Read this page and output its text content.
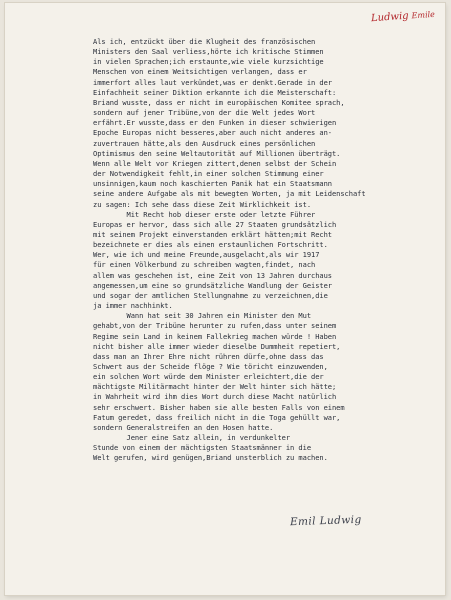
Ludwig Emile
Als ich, entzückt über die Klugheit des französischen
Ministers den Saal verliess,hörte ich kritische Stimmen
in vielen Sprachen;ich erstaunte,wie viele kurzsichtige
Menschen von einem Weitsichtigen verlangen, dass er
immerfort alles laut verkündet,was er denkt.Gerade in der
Einfachheit seiner Diktion erkannte ich die Meisterschaft:
Briand wusste, dass er nicht im europäischen Komitee sprach,
sondern auf jener Tribüne,von der die Welt jedes Wort
erfährt.Er wusste,dass er den Funken in dieser schwierigen
Epoche Europas nicht besseres,aber auch nicht anderes an-
zuvertrauen hätte,als den Ausdruck eines persönlichen
Optimismus den seine Weltautorität auf Millionen überträgt.
Wenn alle Welt vor Kriegen zittert,denen selbst der Schein
der Notwendigkeit fehlt,in einer solchen Stimmung einer
unsinnigen,kaum noch kaschierten Panik hat ein Staatsmann
seine andere Aufgabe als mit bewegten Worten, ja mit Leidenschaft
zu sagen: Ich sehe dass diese Zeit Wirklichkeit ist.
Mit Recht hob dieser erste oder letzte Führer
Europas er hervor, dass sich alle 27 Staaten grundsätzlich
mit seinem Projekt einverstanden erklärt hätten;mit Recht
bezeichnete er dies als einen erstaunlichen Fortschritt.
Wer, wie ich und meine Freunde,ausgelacht,als wir 1917
für einen Völkerbund zu schreiben wagten,findet, nach
allem was geschehen ist, eine Zeit von 13 Jahren durchaus
angemessen,um eine so grundsätzliche Wandlung der Geister
und sogar der amtlichen Stellungnahme zu verzeichnen,die
ja immer nachhinkt.
Wann hat seit 30 Jahren ein Minister den Mut
gehabt,von der Tribüne herunter zu rufen,dass unter seinem
Regime sein Land in keinem Fallekrieg machen würde ! Haben
nicht bisher alle immer wieder dieselbe Dummheit repetiert,
dass man an Ihrer Ehre nicht rühren dürfe,ohne dass das
Schwert aus der Scheide flöge ? Wie töricht einzuwenden,
ein solchen Wort würde dem Minister erleichtert,die der
mächtigste Militärmacht hinter der Welt hinter sich hätte;
in Wahrheit wird ihm dies Wort durch diese Macht natürlich
sehr erschwert. Bisher haben sie alle besten Falls von einem
Fatum geredet, dass freilich nicht in die Toga gehüllt war,
sondern Generalstreifen an den Hosen hatte.
Jener eine Satz allein, in verdunkelter
Stunde von einem der mächtigsten Staatsmänner in die
Welt gerufen, wird genügen,Briand unsterblich zu machen.
Emil Ludwig
